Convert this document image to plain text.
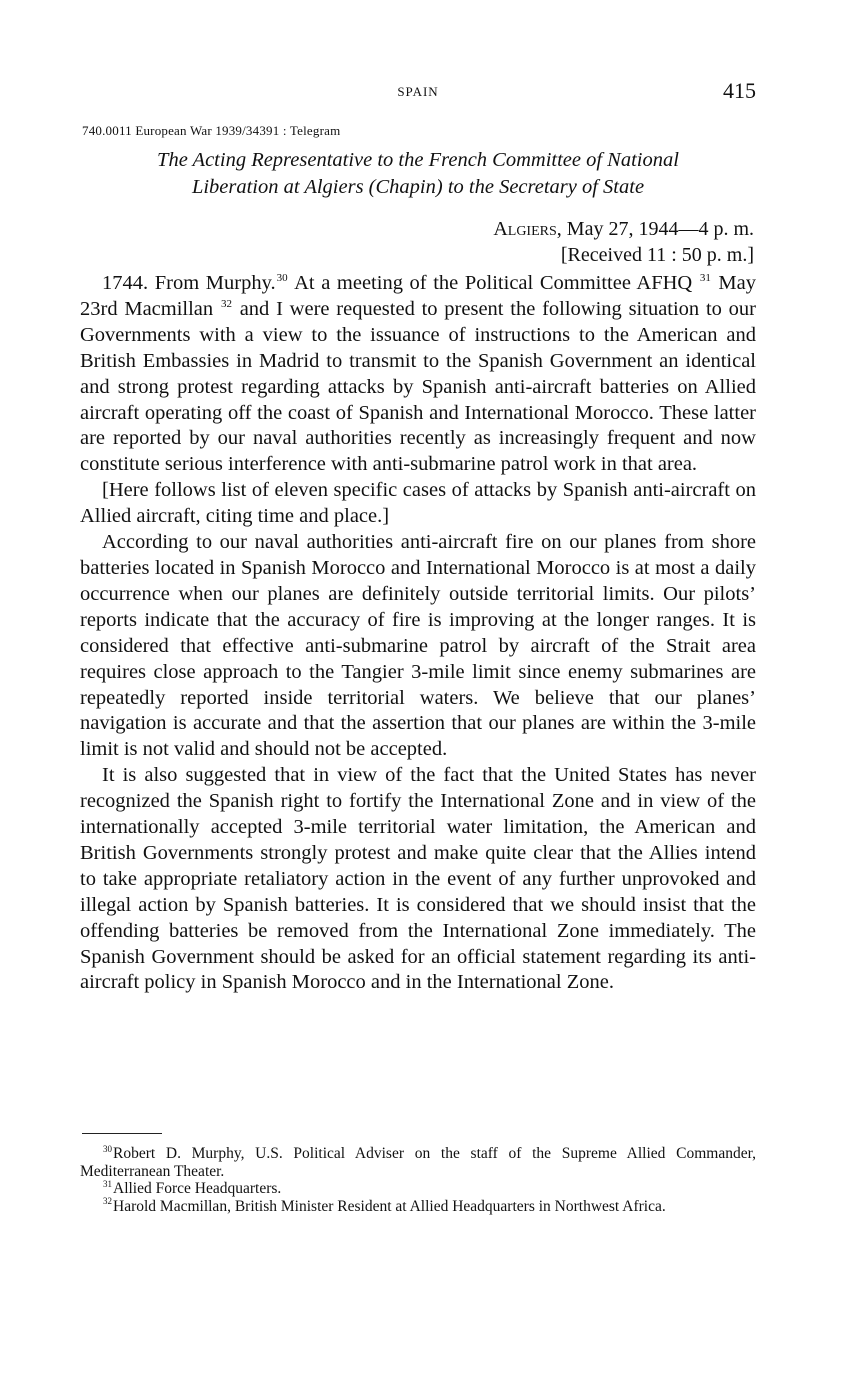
SPAIN	415
740.0011 European War 1939/34391 : Telegram
The Acting Representative to the French Committee of National
Liberation at Algiers (Chapin) to the Secretary of State
Algiers, May 27, 1944—4 p. m.
[Received 11 : 50 p. m.]

1744. From Murphy.$^{30}$ At a meeting of the Political Committee AFHQ $^{31}$ May 23rd Macmillan $^{32}$ and I were requested to present the following situation to our Governments with a view to the issuance of instructions to the American and British Embassies in Madrid to transmit to the Spanish Government an identical and strong protest regarding attacks by Spanish anti-aircraft batteries on Allied aircraft operating off the coast of Spanish and International Morocco. These latter are reported by our naval authorities recently as increasingly frequent and now constitute serious interference with anti-submarine patrol work in that area.

[Here follows list of eleven specific cases of attacks by Spanish anti-aircraft on Allied aircraft, citing time and place.]

According to our naval authorities anti-aircraft fire on our planes from shore batteries located in Spanish Morocco and International Morocco is at most a daily occurrence when our planes are definitely outside territorial limits. Our pilots’ reports indicate that the accuracy of fire is improving at the longer ranges. It is considered that effective anti-submarine patrol by aircraft of the Strait area requires close approach to the Tangier 3-mile limit since enemy submarines are repeatedly reported inside territorial waters. We believe that our planes’ navigation is accurate and that the assertion that our planes are within the 3-mile limit is not valid and should not be accepted.

It is also suggested that in view of the fact that the United States has never recognized the Spanish right to fortify the International Zone and in view of the internationally accepted 3-mile territorial water limitation, the American and British Governments strongly protest and make quite clear that the Allies intend to take appropriate retaliatory action in the event of any further unprovoked and illegal action by Spanish batteries. It is considered that we should insist that the offending batteries be removed from the International Zone immediately. The Spanish Government should be asked for an official statement regarding its anti-aircraft policy in Spanish Morocco and in the International Zone.

$^{30}$Robert D. Murphy, U.S. Political Adviser on the staff of the Supreme Allied Commander, Mediterranean Theater.

$^{31}$Allied Force Headquarters.

$^{32}$Harold Macmillan, British Minister Resident at Allied Headquarters in Northwest Africa.
